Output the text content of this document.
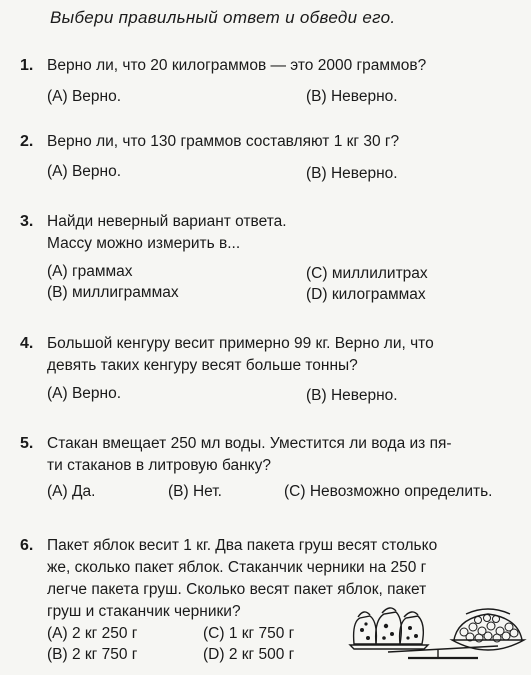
Выбери правильный ответ и обведи его.
1. Верно ли, что 20 килограммов — это 2000 граммов?
(A) Верно.	(B) Неверно.
2. Верно ли, что 130 граммов составляют 1 кг 30 г?
(A) Верно.	(B) Неверно.
3. Найди неверный вариант ответа.
Массу можно измерить в...
(A) граммах
(B) миллиграммах
(C) миллилитрах
(D) килограммах
4. Большой кенгуру весит примерно 99 кг. Верно ли, что
девять таких кенгуру весят больше тонны?
(A) Верно.	(B) Неверно.
5. Стакан вмещает 250 мл воды. Уместится ли вода из пя-
ти стаканов в литровую банку?
(A) Да.	(B) Нет.	(C) Невозможно определить.
6. Пакет яблок весит 1 кг. Два пакета груш весят столько
же, сколько пакет яблок. Стаканчик черники на 250 г
легче пакета груш. Сколько весят пакет яблок, пакет
груш и стаканчик черники?
(A) 2 кг 250 г
(B) 2 кг 750 г
(C) 1 кг 750 г
(D) 2 кг 500 г
